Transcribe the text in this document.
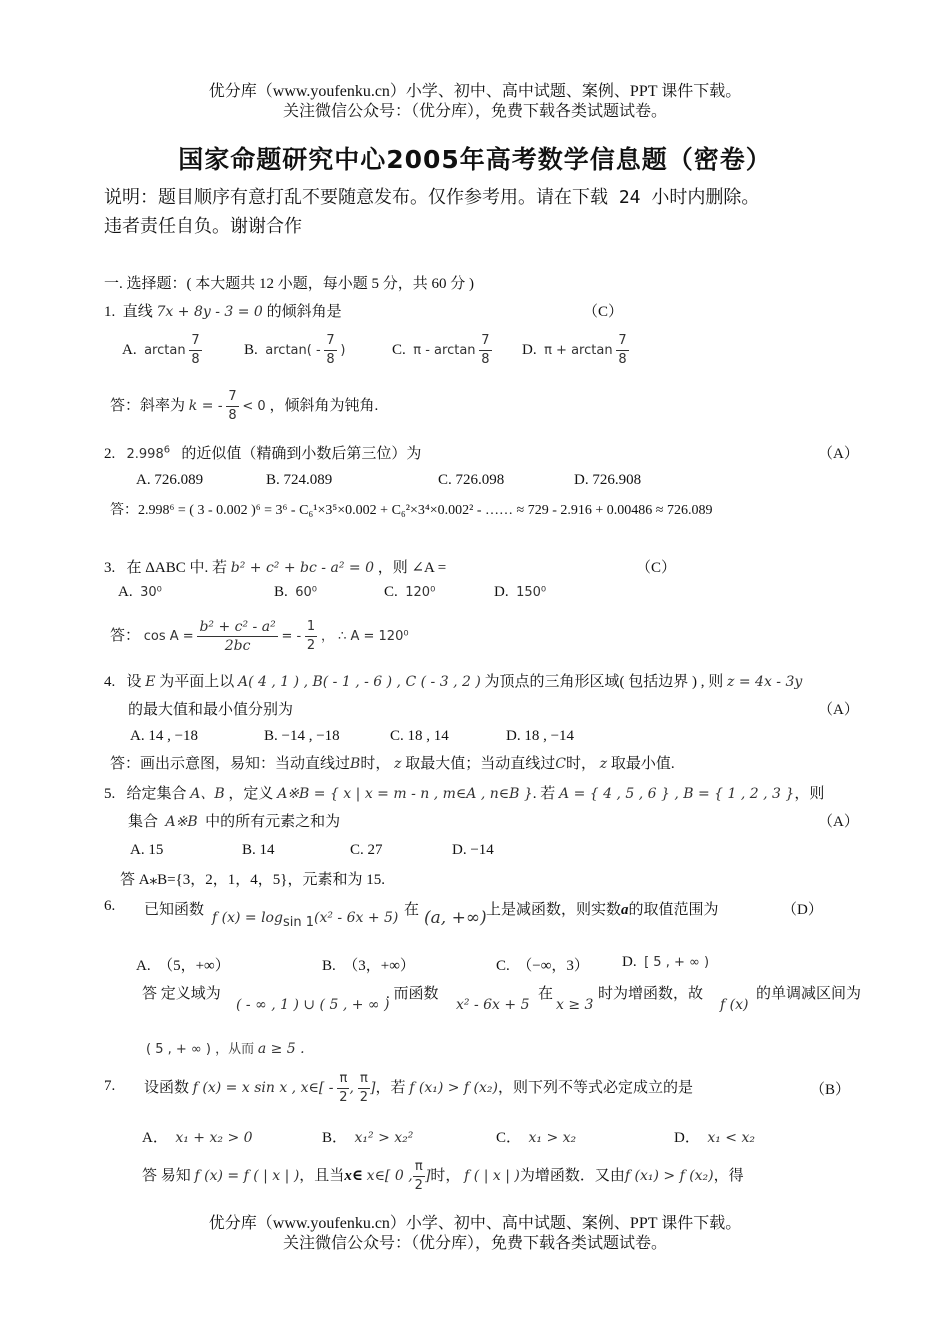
优分库（www.youfenku.cn）小学、初中、高中试题、案例、PPT 课件下载。
关注微信公众号：（优分库），免费下载各类试题试卷。
国家命题研究中心2005年高考数学信息题（密卷）
说明：题目顺序有意打乱不要随意发布。仅作参考用。请在下载 24 小时内删除。
违者责任自负。谢谢合作
一. 选择题：( 本大题共 12 小题，每小题 5 分，共 60 分 )
1. 直线 7x + 8y - 3 = 0 的倾斜角是	（C）
A. $\arctan \frac{7}{8}$	B. $\arctan( - \frac{7}{8}$ )	C. π - $\arctan \frac{7}{8} D$. $\pi + \arctan \frac{7}{8}$
答：斜率为 k = - $\frac{7}{8} < 0$ ，倾斜角为钝角.
2. 2.998$^6$ 的近似值（精确到小数后第三位）为	（A）
A. 726.089	B. 724.089	C. 726.098	D. 726.908
答：2.998⁶ = ( 3 - 0.002 )⁶ = 3⁶ - C₆¹×3⁵×0.002 + C₆²×3⁴×0.002² - …… ≈ 729 - 2.916 + 0.00486 ≈ 726.089
3. 在 ΔABC 中. 若 b² + c² + bc - a² = 0 ，则 ∠A =	（C）
A. 30⁰	B. 60⁰	C. 120⁰	D. 150⁰
答： $\cos A = \frac{\text{b² + c² - a²}}{2bc}$ = - $\frac{1}{2}$ ， ∴ A = 120⁰
4. 设 E 为平面上以 A( 4 , 1 ) , B( - 1 , - 6 ) , C ( - 3 , 2 ) 为顶点的三角形区域( 包括边界 ) , 则 z = 4x - 3y
的最大值和最小值分别为	（A）
A. 14 , −18	B. −14 , −18	C. 18 , 14	D. 18 , −14
答：画出示意图，易知：当动直线过B时， z 取最大值；当动直线过C时， z 取最小值.
5. 给定集合 A、B ，定义 A※B = { x | x = m - n , m∈A , n∈B }. 若 A = { 4 , 5 , 6 } , B = { 1 , 2 , 3 }，则
集合 A※B 中的所有元素之和为	（A）
A. 15	B. 14	C. 27	D. −14
答 A⁎B={3，2，1，4，5}，元素和为 15.
6. 已知函数 f $(x) = \log_{sin 1}(x^2 - 6x + 5)$ 在 (a, +∞) 上是减函数，则实数a的取值范围为	（D）
A. （5，+∞）	B. （3，+∞）	C. （−∞，3） D. [ 5 , + ∞ )
答 定义域为
( - ∞ , 1 ) ∪ ( 5 , + ∞ )
. 而函数
x² - 6x + 5
在
x ≥ 3
时为增函数，故
f (x)
的单调减区间为
( 5 , + ∞ ) ，从而 a ≥ 5 .
7. 设函数 f (x) = x sin x , x∈[ - $\frac{\pi}{2}$ , $\frac{\pi}{2}$ ]，若 f (x₁) > f (x₂)，则下列不等式必定成立的是	（B）
A． x₁ + x₂ > 0	B． x₁² > x₂²	C． x₁ > x₂	D． x₁ < x₂
答 易知 f (x) = f ( | x | )，且当x∈ x∈[ 0 , $\frac{\pi}{2}$ ]时， f ( | x | )为增函数．又由f (x₁) > f (x₂)，得
优分库（www.youfenku.cn）小学、初中、高中试题、案例、PPT 课件下载。
关注微信公众号：（优分库），免费下载各类试题试卷。
